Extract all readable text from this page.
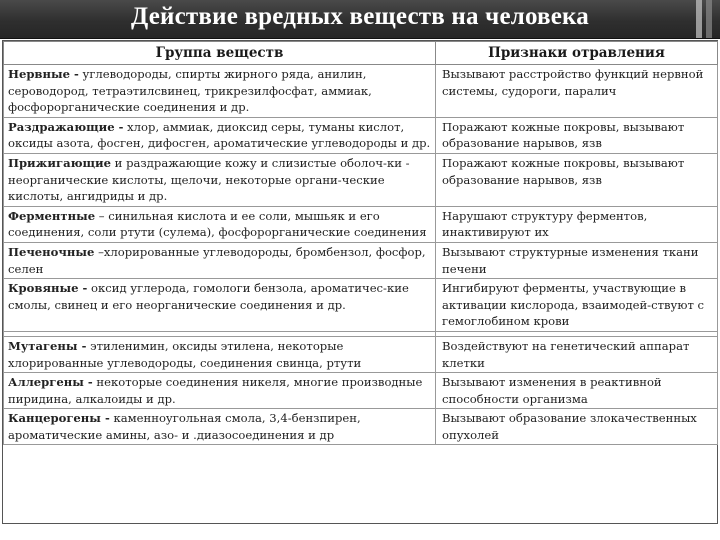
Действие вредных веществ на человека
Группа веществ	Признаки отравления
Нервные - углеводороды, спирты жирного ряда, анилин, сероводород, тетраэтилсвинец, трикрезилфосфат, аммиак, фосфорорганические соединения и др.	Вызывают расстройство функций нервной системы, судороги, паралич
Раздражающие - хлор, аммиак, диоксид серы, туманы кислот, оксиды азота, фосген, дифосген, ароматические углеводороды и др.	Поражают кожные покровы, вызывают образование нарывов, язв
Прижигающие и раздражающие кожу и слизистые оболоч-ки - неорганические кислоты, щелочи, некоторые органи-ческие кислоты, ангидриды и др.	Поражают кожные покровы, вызывают образование нарывов, язв
Ферментные – синильная кислота и ее соли, мышьяк и его соединения, соли ртути (сулема), фосфорорганические соединения	Нарушают структуру ферментов, инактивируют их
Печеночные –хлорированные углеводороды, бромбензол, фосфор, селен	Вызывают структурные изменения ткани печени
Кровяные - оксид углерода, гомологи бензола, ароматичес-кие смолы, свинец и его неорганические соединения и др.	Ингибируют ферменты, участвующие в активации кислорода, взаимодей-ствуют с гемоглобином крови

Мутагены - этиленимин, оксиды этилена, некоторые хлорированные углеводороды, соединения свинца, ртути	Воздействуют на генетический аппарат клетки
Аллергены - некоторые соединения никеля, многие производные пиридина, алкалоиды и др.	Вызывают изменения в реактивной способности организма
Канцерогены - каменноугольная смола, 3,4-бензпирен, ароматические амины, азо- и .диазосоединения и др	Вызывают образование злокачественных опухолей
